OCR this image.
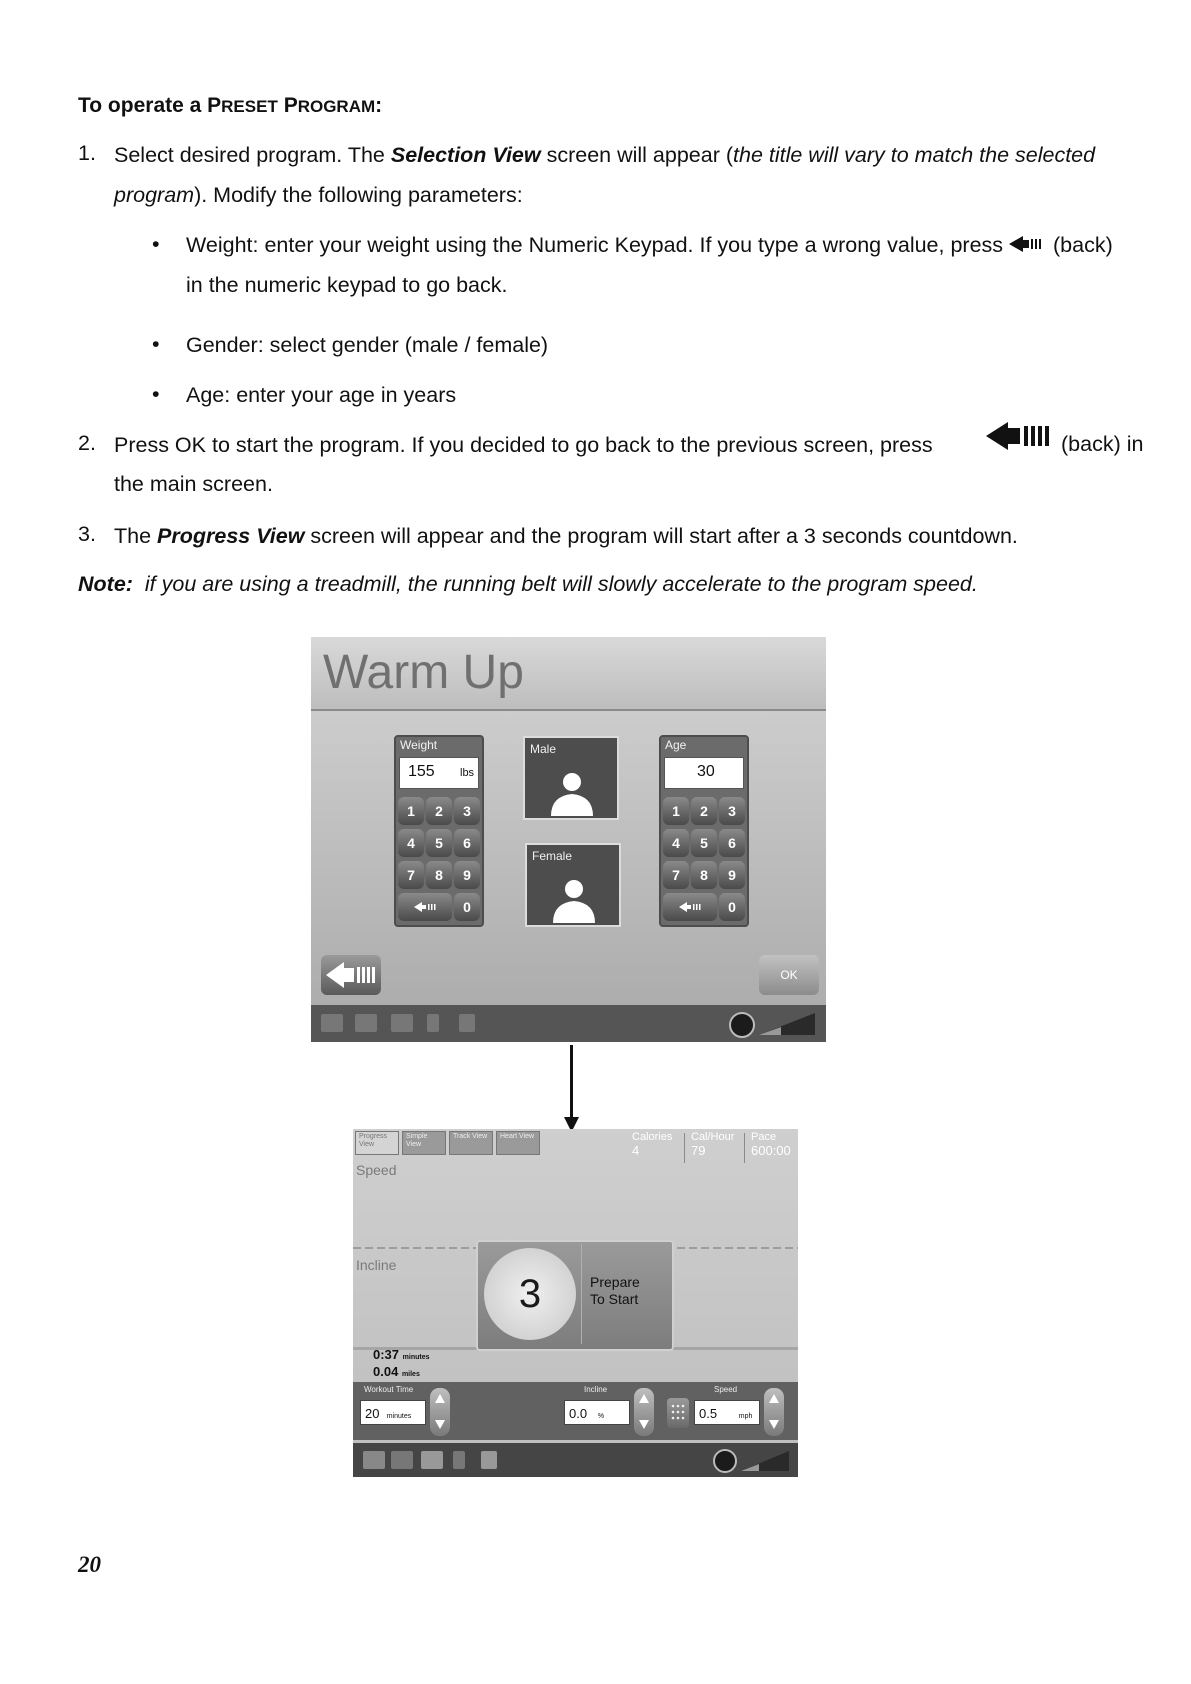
To operate a PRESET PROGRAM:
1. Select desired program. The Selection View screen will appear (the title will vary to match the selected
program). Modify the following parameters:
• Weight: enter your weight using the Numeric Keypad. If you type a wrong value, press (back)
in the numeric keypad to go back.
• Gender: select gender (male / female)
• Age: enter your age in years
2. Press OK to start the program. If you decided to go back to the previous screen, press	(back) in
the main screen.
3. The Progress View screen will appear and the program will start after a 3 seconds countdown.
Note: if you are using a treadmill, the running belt will slowly accelerate to the program speed.
Warm Up
Weight
155 lbs
1	2	3
4	5	6
7	8	9
0
Male
Female
Age
30
1	2	3
4	5	6
7	8	9
0
OK
Progress View
Simple View
Track View	Heart View	Calories
4
Cal/Hour
79
Pace
600:00
Speed
Incline
3	Prepare
To Start
0:37 minutes
0.04 miles
Workout Time
20 minutes
Incline
0.0 %
Speed
0.5	mph
20
